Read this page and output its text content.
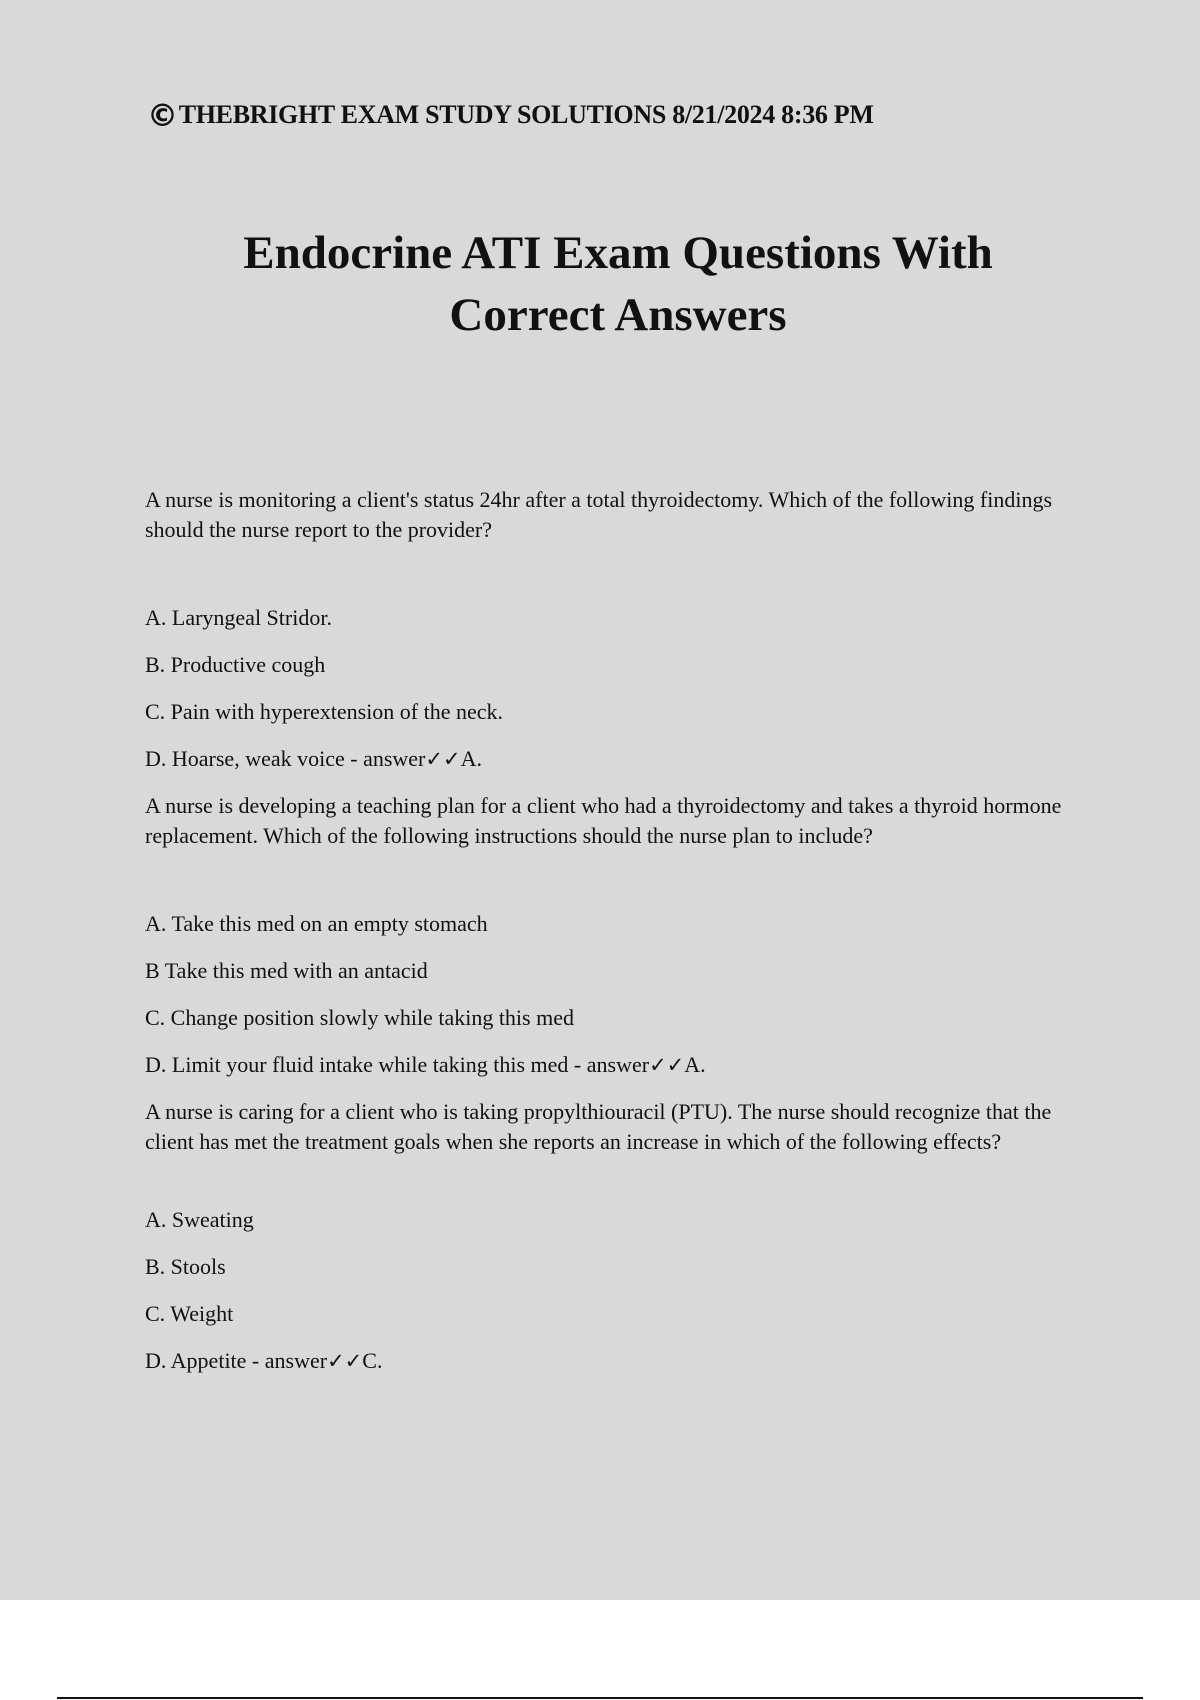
©THEBRIGHT EXAM STUDY SOLUTIONS 8/21/2024 8:36 PM
Endocrine ATI Exam Questions With
Correct Answers

A nurse is monitoring a client's status 24hr after a total thyroidectomy. Which of the following findings should the nurse report to the provider?

A. Laryngeal Stridor.
B. Productive cough
C. Pain with hyperextension of the neck.
D. Hoarse, weak voice - answer✓✓A.

A nurse is developing a teaching plan for a client who had a thyroidectomy and takes a thyroid hormone replacement. Which of the following instructions should the nurse plan to include?

A. Take this med on an empty stomach
B Take this med with an antacid
C. Change position slowly while taking this med
D. Limit your fluid intake while taking this med - answer✓✓A.

A nurse is caring for a client who is taking propylthiouracil (PTU). The nurse should recognize that the client has met the treatment goals when she reports an increase in which of the following effects?

A. Sweating
B. Stools
C. Weight
D. Appetite - answer✓✓C.
